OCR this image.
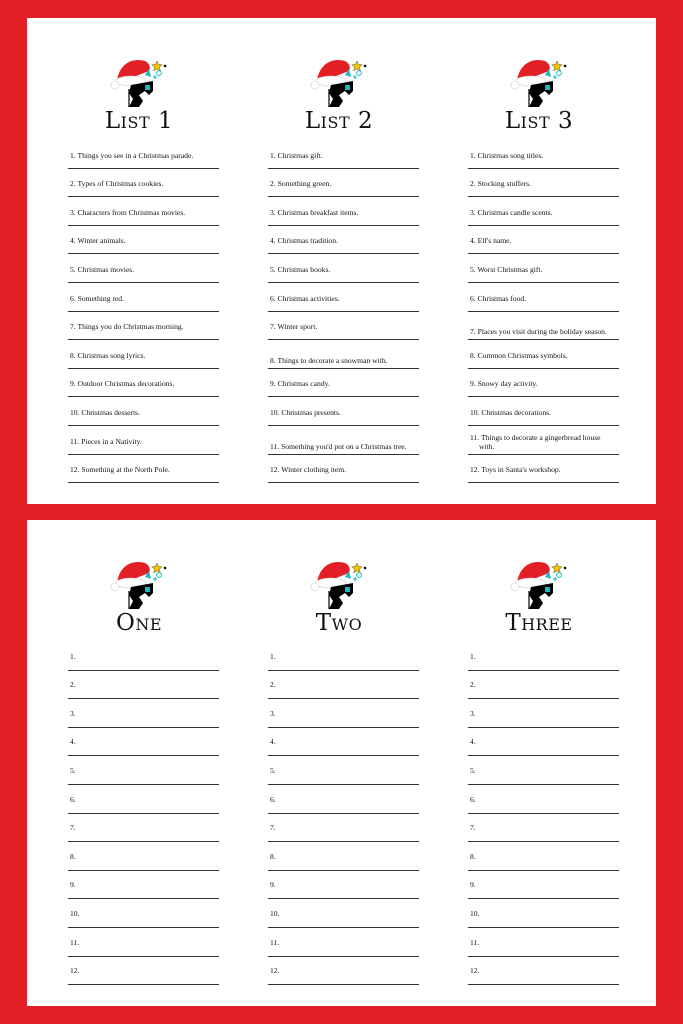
List 1
1. Things you see in a Christmas parade.
2. Types of Christmas cookies.
3. Characters from Christmas movies.
4. Winter animals.
5. Christmas movies.
6. Something red.
7. Things you do Christmas morning.
8. Christmas song lyrics.
9. Outdoor Christmas decorations.
10. Christmas desserts.
11. Pieces in a Nativity.
12. Something at the North Pole.
List 2
1. Christmas gift.
2. Something green.
3. Christmas breakfast items.
4. Christmas tradition.
5. Christmas books.
6. Christmas activities.
7. Winter sport.
8. Things to decorate a snowman with.
9. Christmas candy.
10. Christmas presents.
11. Something you'd put on a Christmas tree.
12. Winter clothing item.
List 3
1. Christmas song titles.
2. Stocking stuffers.
3. Christmas candle scents.
4. Elf's name.
5. Worst Christmas gift.
6. Christmas food.
7. Places you visit during the holiday season.
8. Common Christmas symbols.
9. Snowy day activity.
10. Christmas decorations.
11. Things to decorate a gingerbread house with.
12. Toys in Santa's workshop.
One
1.
2.
3.
4.
5.
6.
7.
8.
9.
10.
11.
12.
Two
1.
2.
3.
4.
5.
6.
7.
8.
9.
10.
11.
12.
Three
1.
2.
3.
4.
5.
6.
7.
8.
9.
10.
11.
12.
